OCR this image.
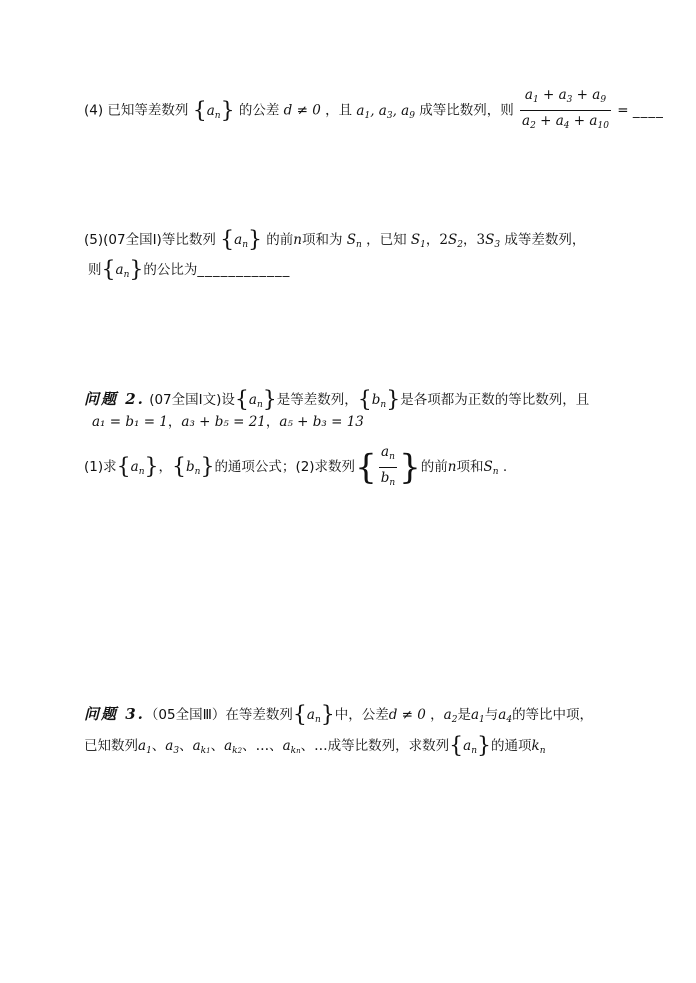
(4) 已知等差数列 $\{a_n\}$ 的公差 d ≠ 0 ，且 $a_1$, $a_3$, $a_9$ 成等比数列，则 $\frac{a_1 + a_3 + a_9}{a_2 + a_4 + a_{10}}$ = ____
(5)(07全国Ⅰ)等比数列 $\{a_n\}$ 的前n项和为 $S_n$ ，已知 $S_1$，$2S_2$，$3S_3$ 成等差数列，
则$\{a_n\}$的公比为____________
问题 2. (07全国Ⅰ文)设$\{a_n\}$是等差数列，$\{b_n\}$是各项都为正数的等比数列，且
a₁ = b₁ = 1，a₃ + b₅ = 21，a₅ + b₃ = 13
(1)求$\{a_n\}$，$\{b_n\}$的通项公式；(2)求数列{ $\frac{a_n}{b_n}$ }的前n项和$S_n$ .
问题 3.（05全国Ⅲ）在等差数列$\{a_n\}$中，公差d ≠ 0 ，$a_2$是$a_1$与$a_4$的等比中项，
已知数列$a_1$、$a_3$、$a_{k1}$、$a_{k2}$、…、$a_{kn}$、…成等比数列，求数列$\{a_n\}$的通项$k_n$
